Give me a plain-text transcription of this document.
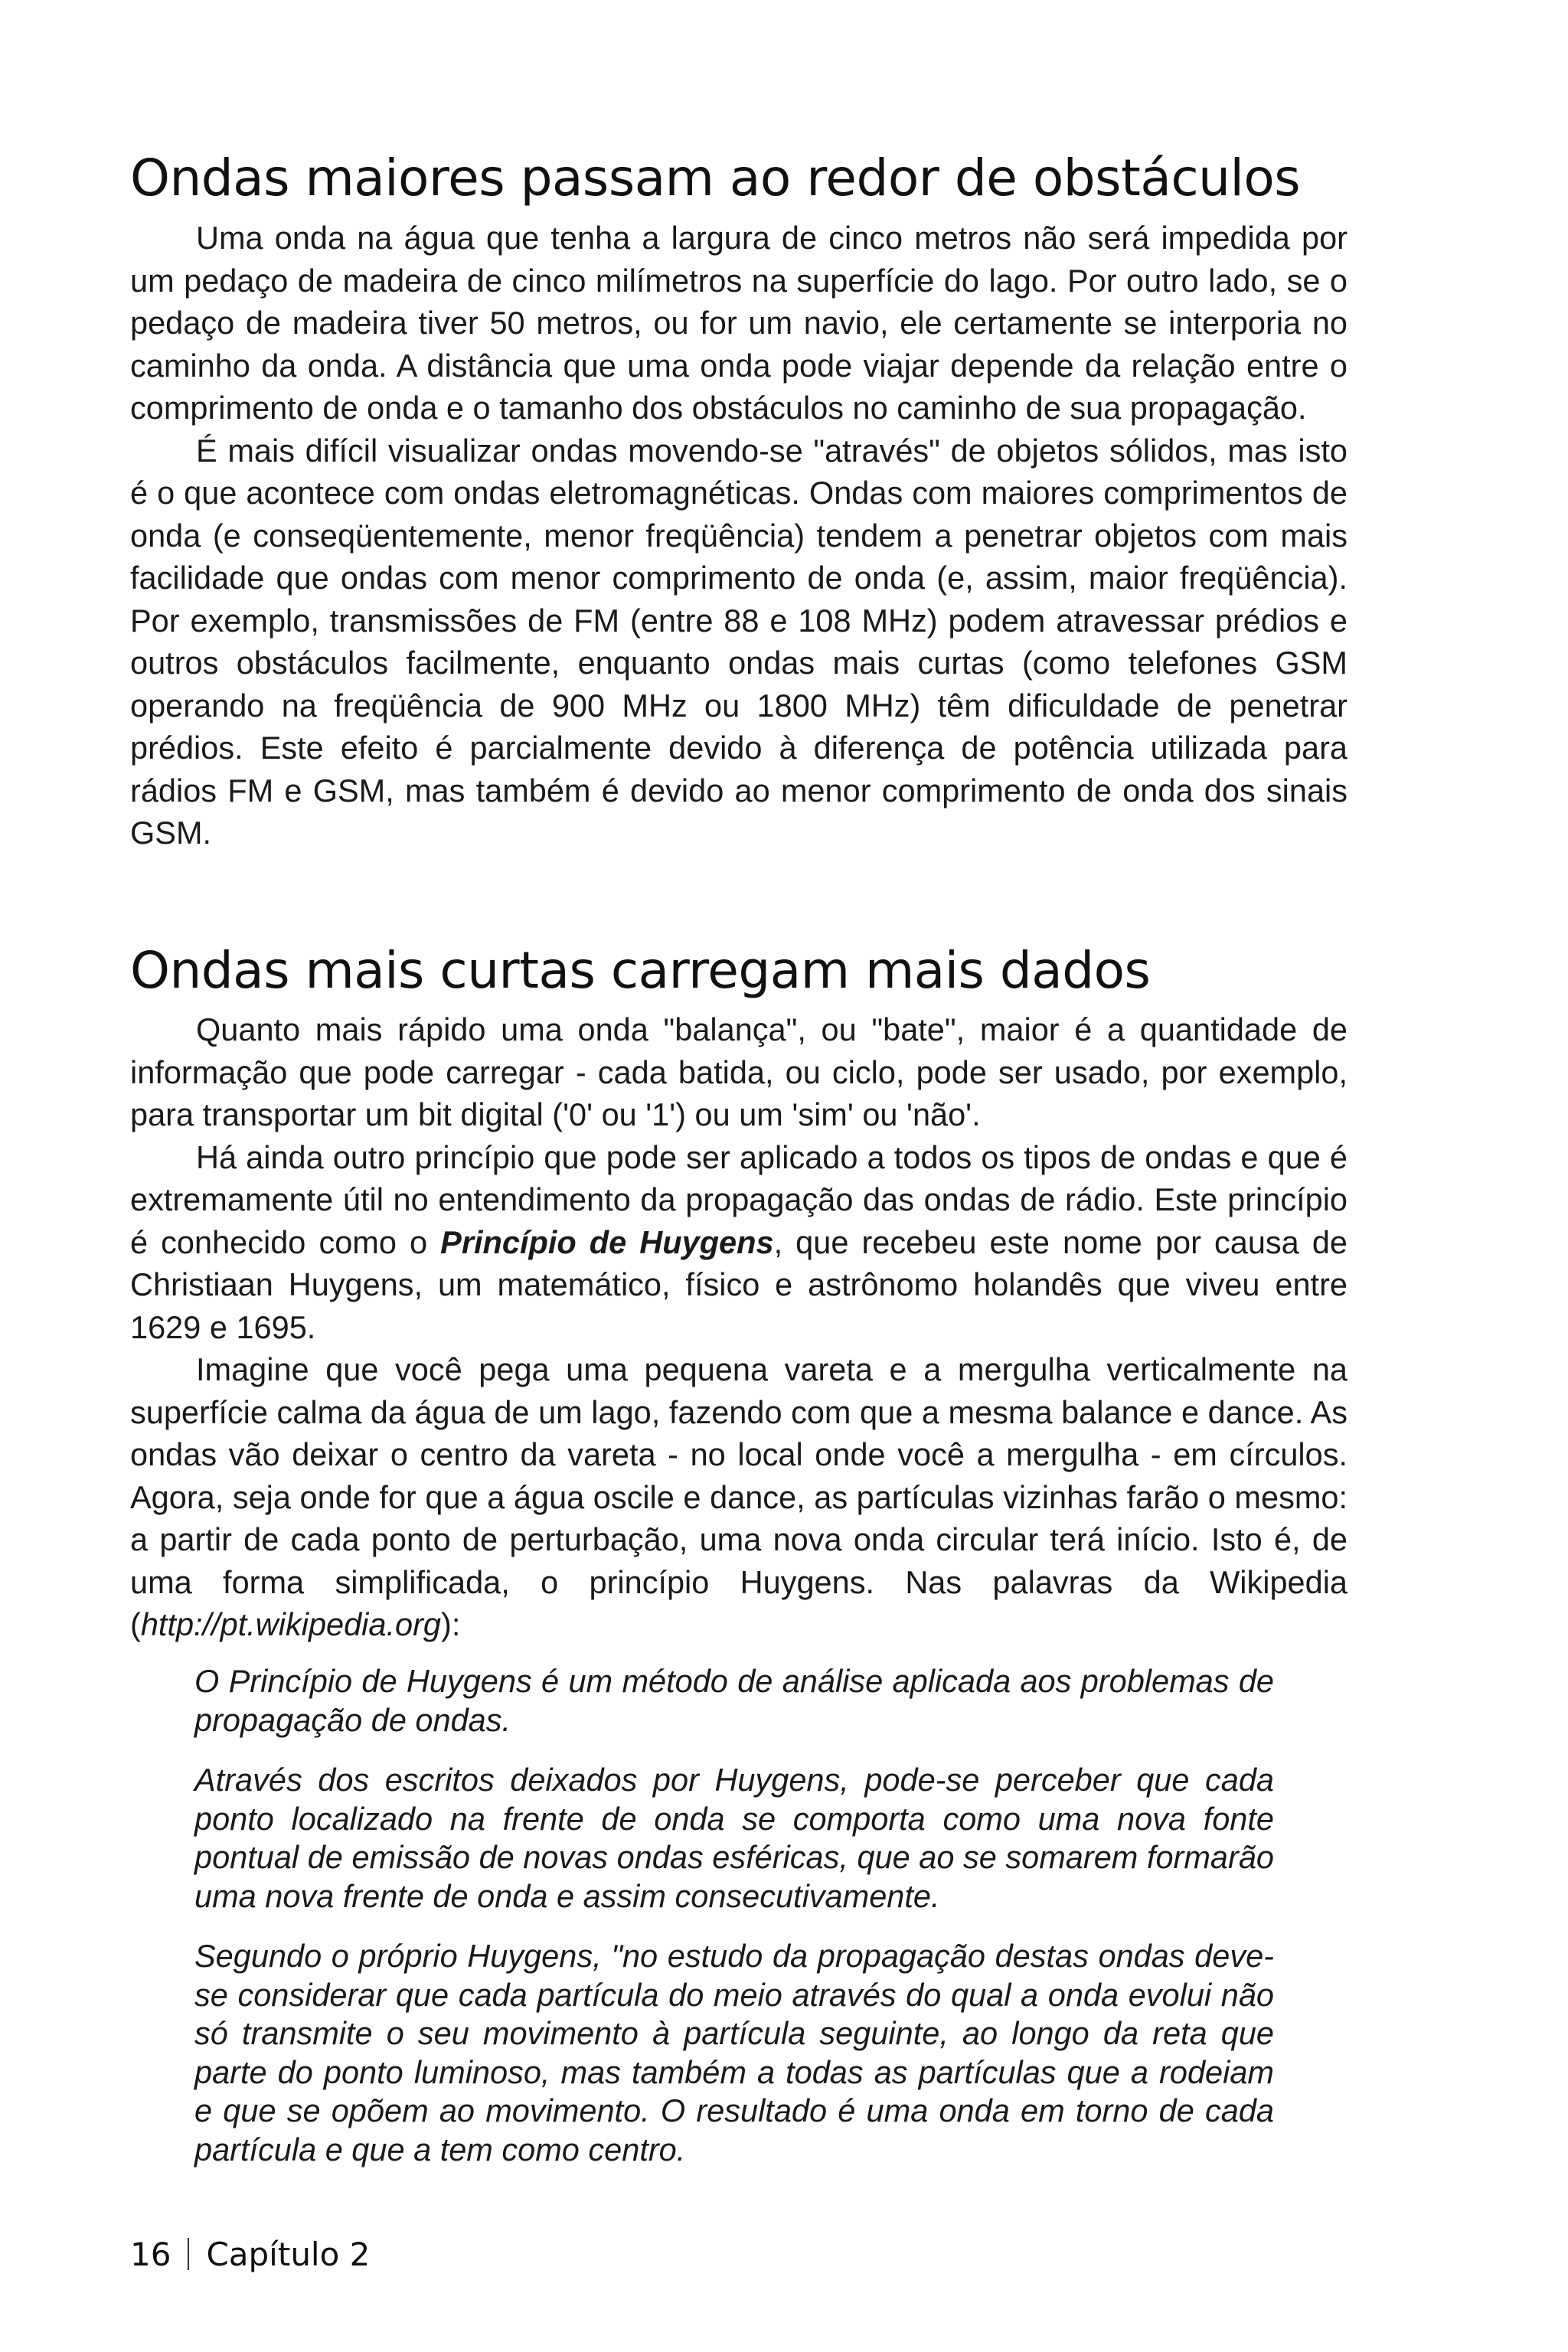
Ondas maiores passam ao redor de obstáculos

Uma onda na água que tenha a largura de cinco metros não será impedida por um pedaço de madeira de cinco milímetros na superfície do lago. Por outro lado, se o pedaço de madeira tiver 50 metros, ou for um navio, ele certamente se interporia no caminho da onda. A distância que uma onda pode viajar depende da relação entre o comprimento de onda e o tamanho dos obstáculos no caminho de sua propagação.

É mais difícil visualizar ondas movendo-se "através" de objetos sólidos, mas isto é o que acontece com ondas eletromagnéticas. Ondas com maiores comprimentos de onda (e conseqüentemente, menor freqüência) tendem a penetrar objetos com mais facilidade que ondas com menor comprimento de onda (e, assim, maior freqüência). Por exemplo, transmissões de FM (entre 88 e 108 MHz) podem atravessar prédios e outros obstáculos facilmente, enquanto ondas mais curtas (como telefones GSM operando na freqüência de 900 MHz ou 1800 MHz) têm dificuldade de penetrar prédios. Este efeito é parcialmente devido à diferença de potência utilizada para rádios FM e GSM, mas também é devido ao menor comprimento de onda dos sinais GSM.

Ondas mais curtas carregam mais dados

Quanto mais rápido uma onda "balança", ou "bate", maior é a quantidade de informação que pode carregar - cada batida, ou ciclo, pode ser usado, por exemplo, para transportar um bit digital ('0' ou '1') ou um 'sim' ou 'não'.

Há ainda outro princípio que pode ser aplicado a todos os tipos de ondas e que é extremamente útil no entendimento da propagação das ondas de rádio. Este princípio é conhecido como o Princípio de Huygens, que recebeu este nome por causa de Christiaan Huygens, um matemático, físico e astrônomo holandês que viveu entre 1629 e 1695.

Imagine que você pega uma pequena vareta e a mergulha verticalmente na superfície calma da água de um lago, fazendo com que a mesma balance e dance. As ondas vão deixar o centro da vareta - no local onde você a mergulha - em círculos. Agora, seja onde for que a água oscile e dance, as partículas vizinhas farão o mesmo: a partir de cada ponto de perturbação, uma nova onda circular terá início. Isto é, de uma forma simplificada, o princípio Huygens. Nas palavras da Wikipedia (http://pt.wikipedia.org):

O Princípio de Huygens é um método de análise aplicada aos problemas de propagação de ondas.

Através dos escritos deixados por Huygens, pode-se perceber que cada ponto localizado na frente de onda se comporta como uma nova fonte pontual de emissão de novas ondas esféricas, que ao se somarem formarão uma nova frente de onda e assim consecutivamente.

Segundo o próprio Huygens, "no estudo da propagação destas ondas deve-se considerar que cada partícula do meio através do qual a onda evolui não só transmite o seu movimento à partícula seguinte, ao longo da reta que parte do ponto luminoso, mas também a todas as partículas que a rodeiam e que se opõem ao movimento. O resultado é uma onda em torno de cada partícula e que a tem como centro.

16 Capítulo 2
